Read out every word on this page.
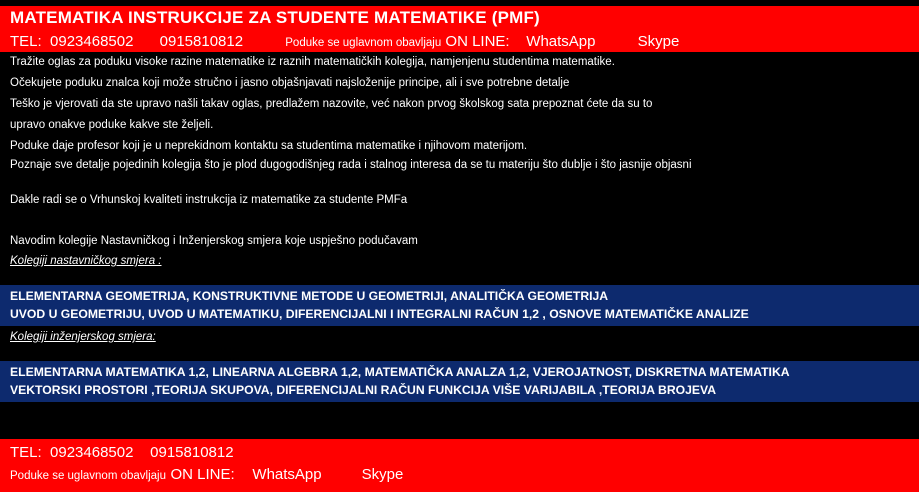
MATEMATIKA INSTRUKCIJE ZA STUDENTE MATEMATIKE (PMF)
TEL: 0923468502 0915810812	Poduke se uglavnom obavljaju ON LINE: WhatsApp	Skype
Tražite oglas za poduku visoke razine matematike iz raznih matematičkih kolegija, namjenjenu studentima matematike.
Očekujete poduku znalca koji može stručno i jasno objašnjavati najsloženije principe, ali i sve potrebne detalje
Teško je vjerovati da ste upravo našli takav oglas, predlažem nazovite, već nakon prvog školskog sata prepoznat ćete da su to
upravo onakve poduke kakve ste željeli.
Poduke daje profesor koji je u neprekidnom kontaktu sa studentima matematike i njihovom materijom.
Poznaje sve detalje pojedinih kolegija što je plod dugogodišnjeg rada i stalnog interesa da se tu materiju što dublje i što jasnije objasni
Dakle radi se o Vrhunskoj kvaliteti instrukcija iz matematike za studente PMFa
Navodim kolegije Nastavničkog i Inženjerskog smjera koje uspješno podučavam
Kolegiji nastavničkog smjera :
ELEMENTARNA GEOMETRIJA, KONSTRUKTIVNE METODE U GEOMETRIJI, ANALITIČKA GEOMETRIJA
UVOD U GEOMETRIJU, UVOD U MATEMATIKU, DIFERENCIJALNI I INTEGRALNI RAČUN 1,2 , OSNOVE MATEMATIČKE ANALIZE
Kolegiji inženjerskog smjera:
ELEMENTARNA MATEMATIKA 1,2, LINEARNA ALGEBRA 1,2, MATEMATIČKA ANALZA 1,2, VJEROJATNOST, DISKRETNA MATEMATIKA
VEKTORSKI PROSTORI ,TEORIJA SKUPOVA, DIFERENCIJALNI RAČUN FUNKCIJA VIŠE VARIJABILA ,TEORIJA BROJEVA
TEL: 0923468502 0915810812
Poduke se uglavnom obavljaju ON LINE: WhatsApp	Skype
